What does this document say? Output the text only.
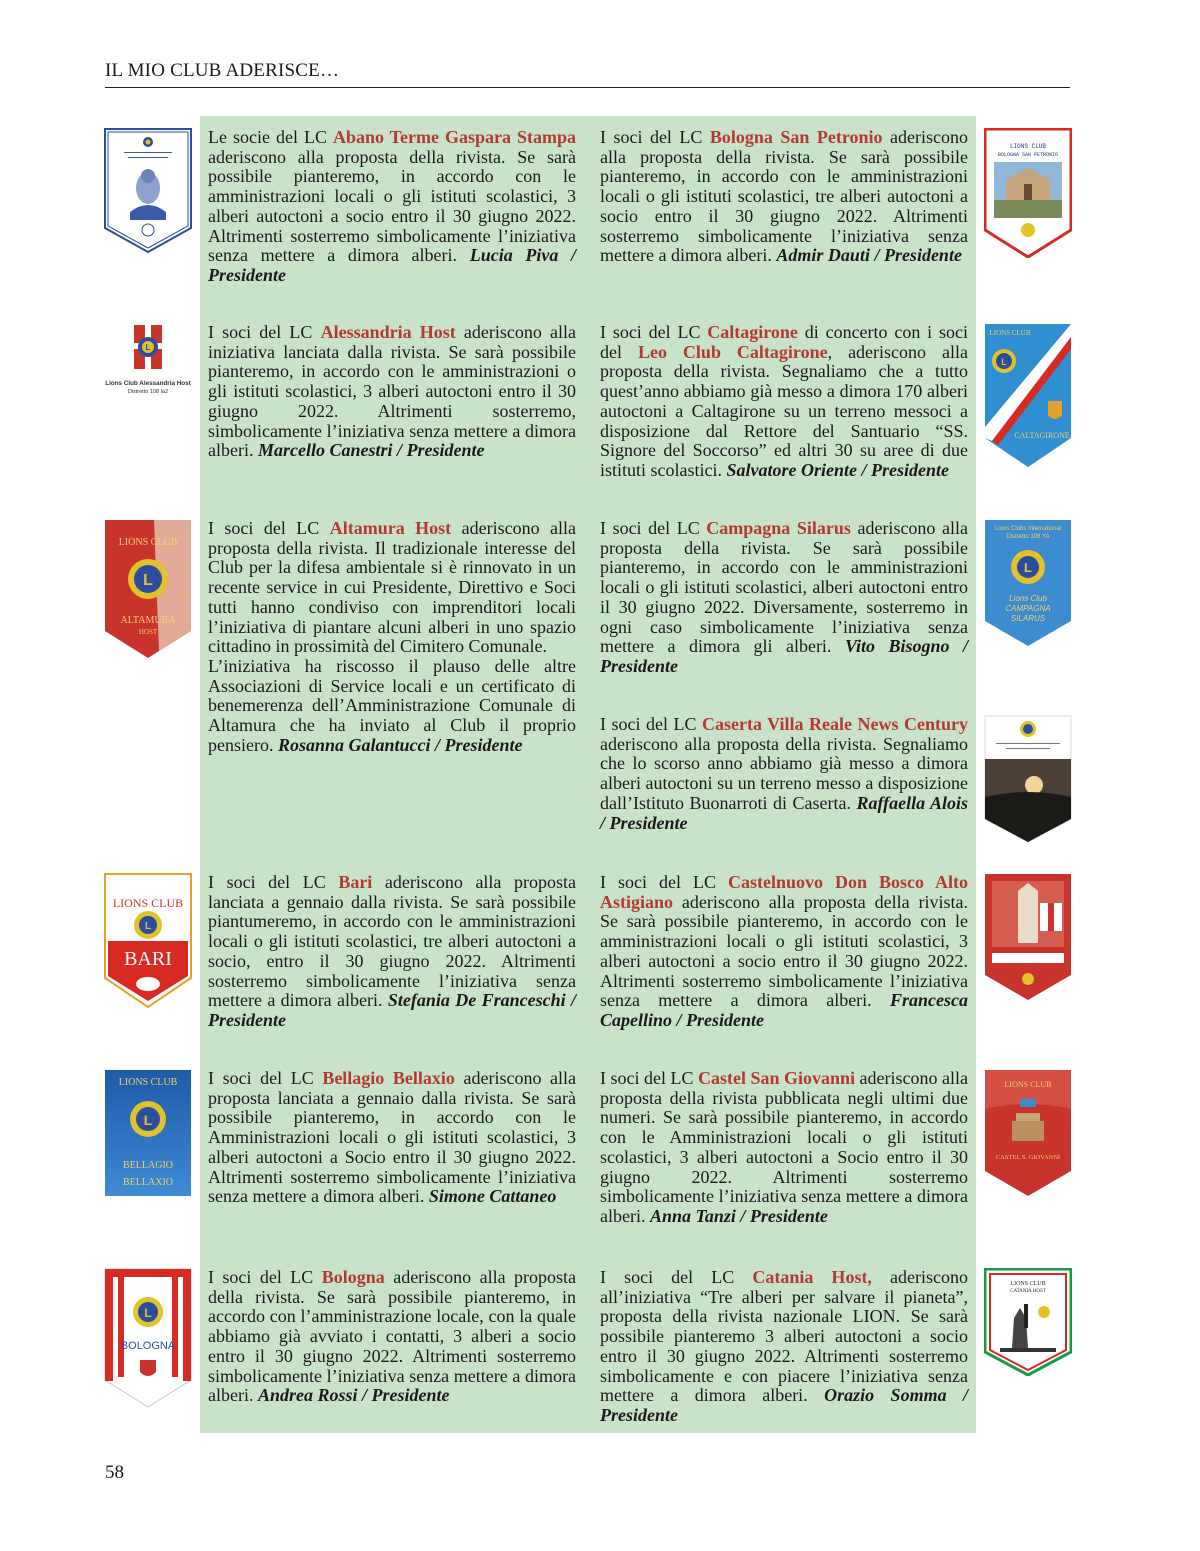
IL MIO CLUB ADERISCE…
L
Lions Club Alessandria Host
Distretto 108 Ia2
LIONS CLUB
L
ALTAMURA
HOST
LIONS CLUB
L
BARI
LIONS CLUB
L
BELLAGIO
BELLAXIO
L
BOLOGNA
LIONS CLUB
BOLOGNA SAN PETRONIO
LIONS CLUB
L
CALTAGIRONE
Lions Clubs International
Distretto 108 YA
L
Lions Club
CAMPAGNA
SILARUS
LIONS CLUB
CASTEL S. GIOVANNI
LIONS CLUB
CATANIA HOST

Le socie del LC Abano Terme Gaspara Stampa aderiscono alla proposta della rivista. Se sarà possibile pianteremo, in accordo con le amministrazioni locali o gli istituti scolastici, 3 alberi autoctoni a socio entro il 30 giugno 2022. Altrimenti sosterremo simbolicamente l’iniziativa senza mettere a dimora alberi. Lucia Piva / Presidente

I soci del LC Bologna San Petronio aderiscono alla proposta della rivista. Se sarà possibile pianteremo, in accordo con le amministrazioni locali o gli istituti scolastici, tre alberi autoctoni a socio entro il 30 giugno 2022. Altrimenti sosterremo simbolicamente l’iniziativa senza mettere a dimora alberi. Admir Dauti / Presidente

I soci del LC Alessandria Host aderiscono alla iniziativa lanciata dalla rivista. Se sarà possibile pianteremo, in accordo con le amministrazioni o gli istituti scolastici, 3 alberi autoctoni entro il 30 giugno 2022. Altrimenti sosterremo, simbolicamente l’iniziativa senza mettere a dimora alberi. Marcello Canestri / Presidente

I soci del LC Caltagirone di concerto con i soci del Leo Club Caltagirone, aderiscono alla proposta della rivista. Segnaliamo che a tutto quest’anno abbiamo già messo a dimora 170 alberi autoctoni a Caltagirone su un terreno messoci a disposizione dal Rettore del Santuario “SS. Signore del Soccorso” ed altri 30 su aree di due istituti scolastici. Salvatore Oriente / Presidente

I soci del LC Altamura Host aderiscono alla proposta della rivista. Il tradizionale interesse del Club per la difesa ambientale si è rinnovato in un recente service in cui Presidente, Direttivo e Soci tutti hanno condiviso con imprenditori locali l’iniziativa di piantare alcuni alberi in uno spazio cittadino in prossimità del Cimitero Comunale.
L’iniziativa ha riscosso il plauso delle altre Associazioni di Service locali e un certificato di benemerenza dell’Amministrazione Comunale di Altamura che ha inviato al Club il proprio pensiero. Rosanna Galantucci / Presidente

I soci del LC Campagna Silarus aderiscono alla proposta della rivista. Se sarà possibile pianteremo, in accordo con le amministrazioni locali o gli istituti scolastici, alberi autoctoni entro il 30 giugno 2022. Diversamente, sosterremo in ogni caso simbolicamente l’iniziativa senza mettere a dimora gli alberi. Vito Bisogno / Presidente

I soci del LC Caserta Villa Reale News Century aderiscono alla proposta della rivista. Segnaliamo che lo scorso anno abbiamo già messo a dimora alberi autoctoni su un terreno messo a disposizione dall’Istituto Buonarroti di Caserta. Raffaella Alois / Presidente

I soci del LC Bari aderiscono alla proposta lanciata a gennaio dalla rivista. Se sarà possibile piantumeremo, in accordo con le amministrazioni locali o gli istituti scolastici, tre alberi autoctoni a socio, entro il 30 giugno 2022. Altrimenti sosterremo simbolicamente l’iniziativa senza mettere a dimora alberi. Stefania De Franceschi / Presidente

I soci del LC Castelnuovo Don Bosco Alto Astigiano aderiscono alla proposta della rivista. Se sarà possibile pianteremo, in accordo con le amministrazioni locali o gli istituti scolastici, 3 alberi autoctoni a socio entro il 30 giugno 2022. Altrimenti sosterremo simbolicamente l’iniziativa senza mettere a dimora alberi. Francesca Capellino / Presidente

I soci del LC Bellagio Bellaxio aderiscono alla proposta lanciata a gennaio dalla rivista. Se sarà possibile pianteremo, in accordo con le Amministrazioni locali o gli istituti scolastici, 3 alberi autoctoni a Socio entro il 30 giugno 2022. Altrimenti sosterremo simbolicamente l’iniziativa senza mettere a dimora alberi. Simone Cattaneo

I soci del LC Castel San Giovanni aderiscono alla proposta della rivista pubblicata negli ultimi due numeri. Se sarà possibile pianteremo, in accordo con le Amministrazioni locali o gli istituti scolastici, 3 alberi autoctoni a Socio entro il 30 giugno 2022. Altrimenti sosterremo simbolicamente l’iniziativa senza mettere a dimora alberi. Anna Tanzi / Presidente

I soci del LC Bologna aderiscono alla proposta della rivista. Se sarà possibile pianteremo, in accordo con l’amministrazione locale, con la quale abbiamo già avviato i contatti, 3 alberi a socio entro il 30 giugno 2022. Altrimenti sosterremo simbolicamente l’iniziativa senza mettere a dimora alberi. Andrea Rossi / Presidente

I soci del LC Catania Host, aderiscono all’iniziativa “Tre alberi per salvare il pianeta”, proposta della rivista nazionale LION. Se sarà possibile pianteremo 3 alberi autoctoni a socio entro il 30 giugno 2022. Altrimenti sosterremo simbolicamente e con piacere l’iniziativa senza mettere a dimora alberi. Orazio Somma / Presidente

58
